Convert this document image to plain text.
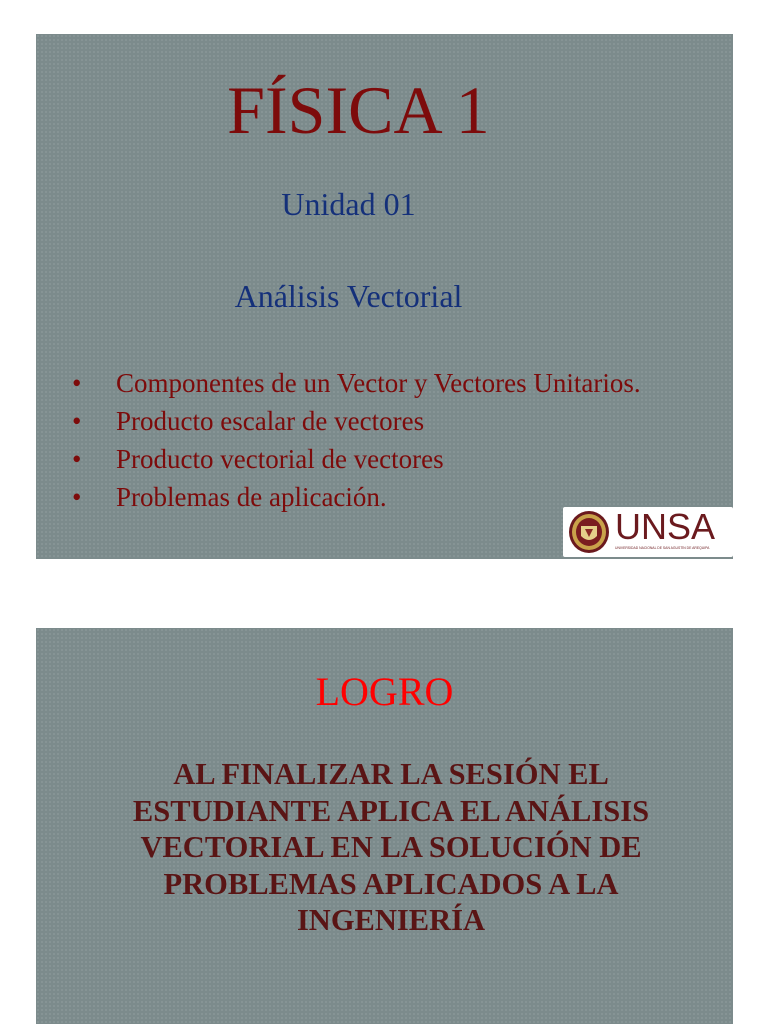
FÍSICA 1
Unidad 01
Análisis Vectorial
• Componentes de un Vector y Vectores Unitarios.
• Producto escalar de vectores
• Producto vectorial de vectores
• Problemas de aplicación.
UNSA
UNIVERSIDAD NACIONAL DE SAN AGUSTÍN DE AREQUIPA
LOGRO

AL FINALIZAR LA SESIÓN EL
ESTUDIANTE APLICA EL ANÁLISIS
VECTORIAL EN LA SOLUCIÓN DE
PROBLEMAS APLICADOS A LA
INGENIERÍA
